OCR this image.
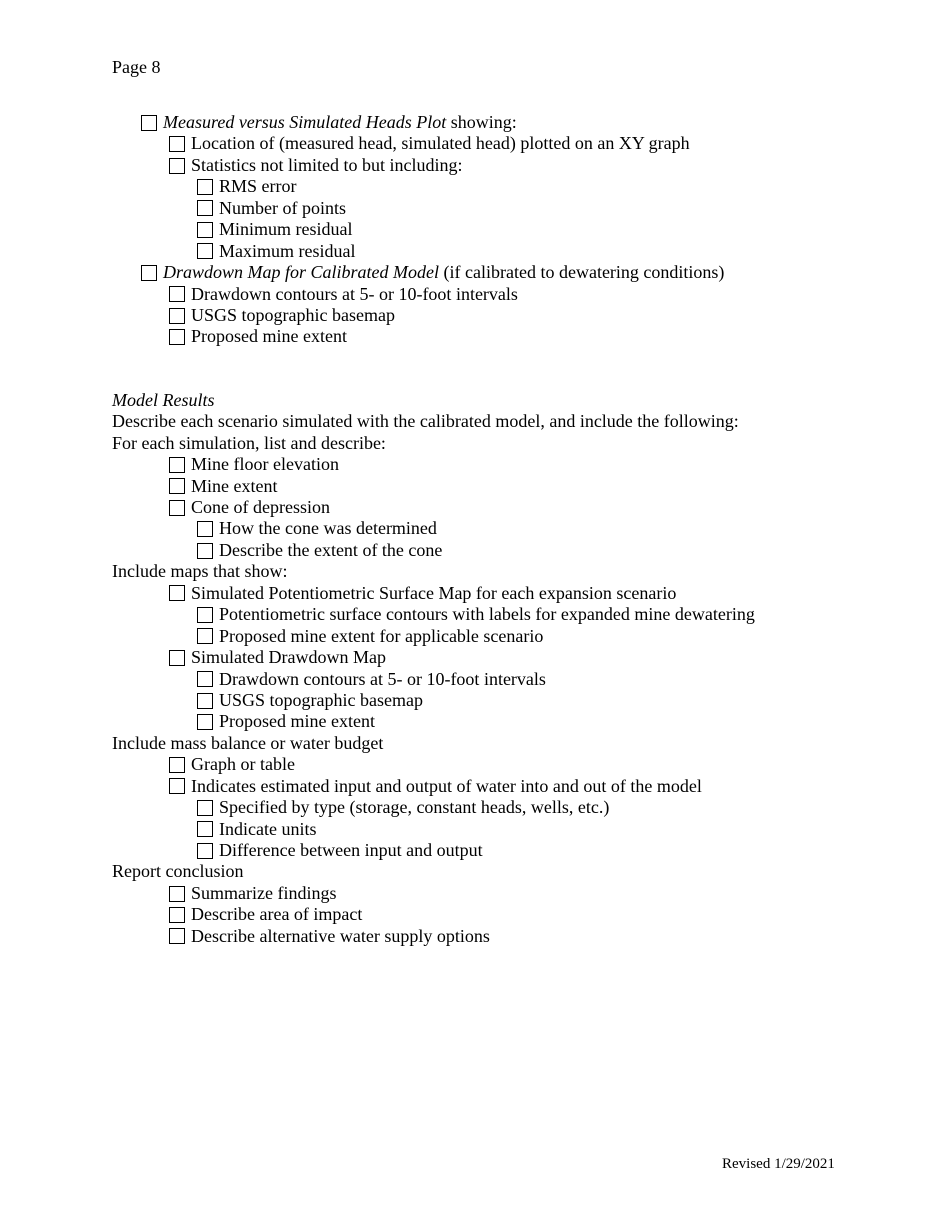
Page 8
Measured versus Simulated Heads Plot showing:
Location of (measured head, simulated head) plotted on an XY graph
Statistics not limited to but including:
RMS error
Number of points
Minimum residual
Maximum residual
Drawdown Map for Calibrated Model (if calibrated to dewatering conditions)
Drawdown contours at 5- or 10-foot intervals
USGS topographic basemap
Proposed mine extent
Model Results
Describe each scenario simulated with the calibrated model, and include the following:
For each simulation, list and describe:
Mine floor elevation
Mine extent
Cone of depression
How the cone was determined
Describe the extent of the cone
Include maps that show:
Simulated Potentiometric Surface Map for each expansion scenario
Potentiometric surface contours with labels for expanded mine dewatering
Proposed mine extent for applicable scenario
Simulated Drawdown Map
Drawdown contours at 5- or 10-foot intervals
USGS topographic basemap
Proposed mine extent
Include mass balance or water budget
Graph or table
Indicates estimated input and output of water into and out of the model
Specified by type (storage, constant heads, wells, etc.)
Indicate units
Difference between input and output
Report conclusion
Summarize findings
Describe area of impact
Describe alternative water supply options
Revised 1/29/2021
